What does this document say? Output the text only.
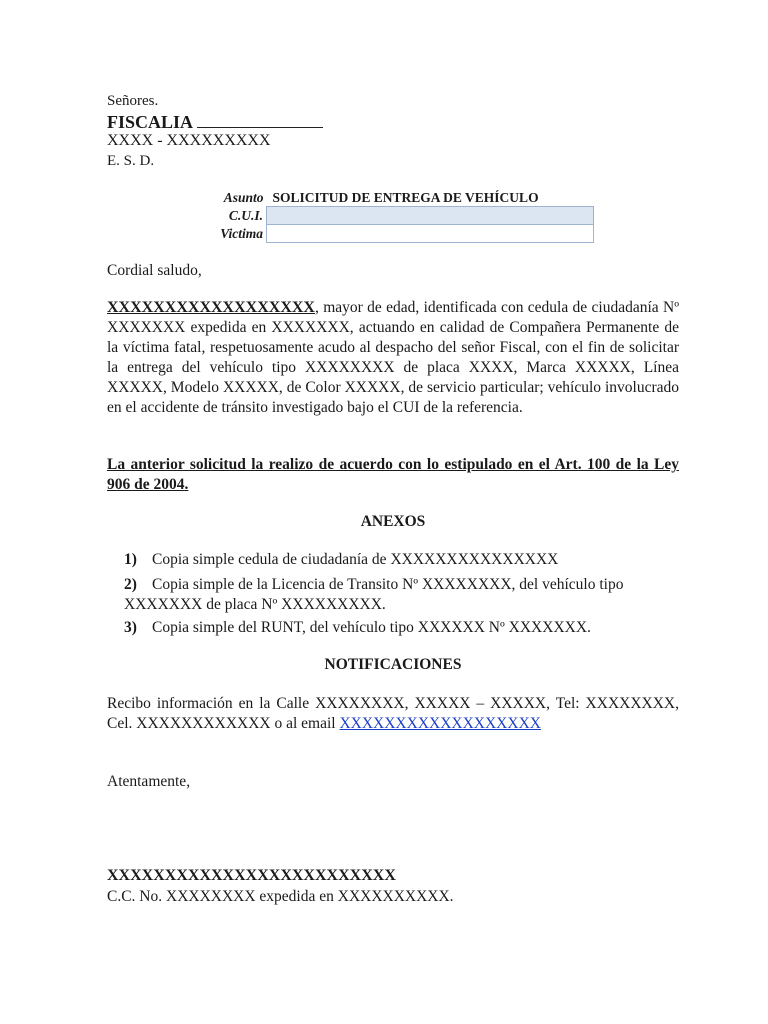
Señores.
FISCALIA
XXXX - XXXXXXXXX
E. S. D.
Asunto	SOLICITUD DE ENTREGA DE VEHÍCULO
C.U.I.	
Victima	
Cordial saludo,
XXXXXXXXXXXXXXXXXX, mayor de edad, identificada con cedula de ciudadanía Nº XXXXXXX expedida en XXXXXXX, actuando en calidad de Compañera Permanente de la víctima fatal, respetuosamente acudo al despacho del señor Fiscal, con el fin de solicitar la entrega del vehículo tipo XXXXXXXX de placa XXXX, Marca XXXXX, Línea XXXXX, Modelo XXXXX, de Color XXXXX, de servicio particular; vehículo involucrado en el accidente de tránsito investigado bajo el CUI de la referencia.
La anterior solicitud la realizo de acuerdo con lo estipulado en el Art. 100 de la Ley 906 de 2004.
ANEXOS
1) Copia simple cedula de ciudadanía de XXXXXXXXXXXXXXX
2) Copia simple de la Licencia de Transito Nº XXXXXXXX, del vehículo tipo XXXXXXX de placa Nº XXXXXXXXX.
3) Copia simple del RUNT, del vehículo tipo XXXXXX Nº XXXXXXX.
NOTIFICACIONES
Recibo información en la Calle XXXXXXXX, XXXXX – XXXXX, Tel: XXXXXXXX, Cel. XXXXXXXXXXXX o al email XXXXXXXXXXXXXXXXXX
Atentamente,
XXXXXXXXXXXXXXXXXXXXXXXXX
C.C. No. XXXXXXXX expedida en XXXXXXXXXX.
